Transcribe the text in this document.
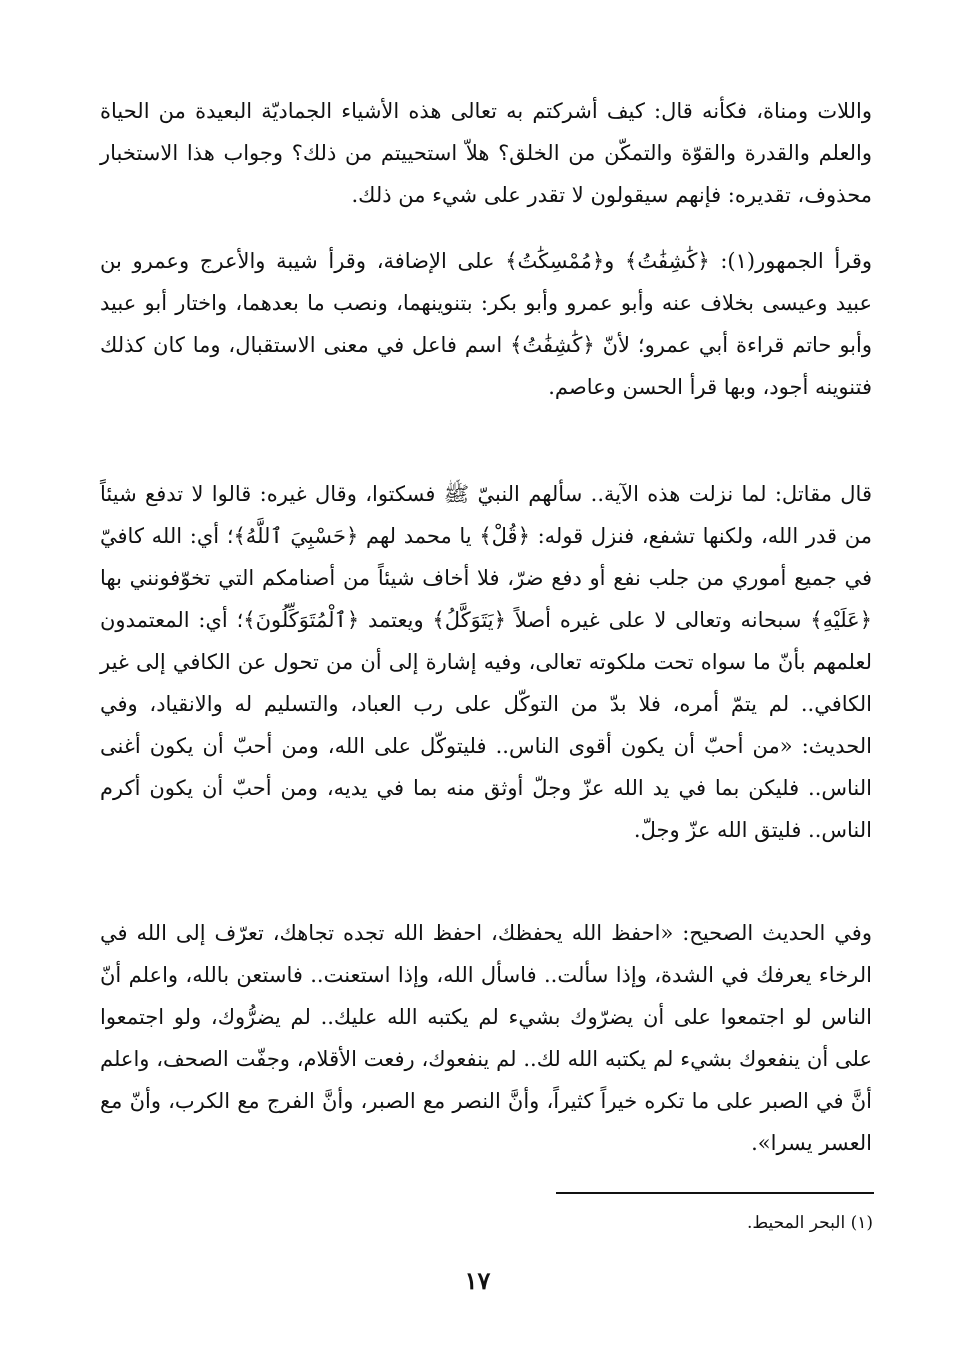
واللات ومناة، فكأنه قال: كيف أشركتم به تعالى هذه الأشياء الجماديّة البعيدة من الحياة والعلم والقدرة والقوّة والتمكّن من الخلق؟ هلاّ استحييتم من ذلك؟ وجواب هذا الاستخبار محذوف، تقديره: فإنهم سيقولون لا تقدر على شيء من ذلك.

وقرأ الجمهور(١): ﴿كَٰشِفَٰتُ﴾ و﴿مُمْسِكَٰتُ﴾ على الإضافة، وقرأ شيبة والأعرج وعمرو بن عبيد وعيسى بخلاف عنه وأبو عمرو وأبو بكر: بتنوينهما، ونصب ما بعدهما، واختار أبو عبيد وأبو حاتم قراءة أبي عمرو؛ لأنّ ﴿كَٰشِفَٰتُ﴾ اسم فاعل في معنى الاستقبال، وما كان كذلك فتنوينه أجود، وبها قرأ الحسن وعاصم.

قال مقاتل: لما نزلت هذه الآية.. سألهم النبيّ ﷺ فسكتوا، وقال غيره: قالوا لا تدفع شيئاً من قدر الله، ولكنها تشفع، فنزل قوله: ﴿قُلْ﴾ يا محمد لهم ﴿حَسْبِيَ ٱللَّهُ﴾؛ أي: الله كافيّ في جميع أموري من جلب نفع أو دفع ضرّ، فلا أخاف شيئاً من أصنامكم التي تخوّفونني بها ﴿عَلَيْهِ﴾ سبحانه وتعالى لا على غيره أصلاً ﴿يَتَوَكَّلُ﴾ ويعتمد ﴿ٱلْمُتَوَكِّلُونَ﴾؛ أي: المعتمدون لعلمهم بأنّ ما سواه تحت ملكوته تعالى، وفيه إشارة إلى أن من تحول عن الكافي إلى غير الكافي.. لم يتمّ أمره، فلا بدّ من التوكّل على رب العباد، والتسليم له والانقياد، وفي الحديث: «من أحبّ أن يكون أقوى الناس.. فليتوكّل على الله، ومن أحبّ أن يكون أغنى الناس.. فليكن بما في يد الله عزّ وجلّ أوثق منه بما في يديه، ومن أحبّ أن يكون أكرم الناس.. فليتق الله عزّ وجلّ.

وفي الحديث الصحيح: «احفظ الله يحفظك، احفظ الله تجده تجاهك، تعرّف إلى الله في الرخاء يعرفك في الشدة، وإذا سألت.. فاسأل الله، وإذا استعنت.. فاستعن بالله، واعلم أنّ الناس لو اجتمعوا على أن يضرّوك بشيء لم يكتبه الله عليك.. لم يضرُّوك، ولو اجتمعوا على أن ينفعوك بشيء لم يكتبه الله لك.. لم ينفعوك، رفعت الأقلام، وجفّت الصحف، واعلم أنَّ في الصبر على ما تكره خيراً كثيراً، وأنَّ النصر مع الصبر، وأنَّ الفرج مع الكرب، وأنّ مع العسر يسرا».

(١) البحر المحيط.
١٧
